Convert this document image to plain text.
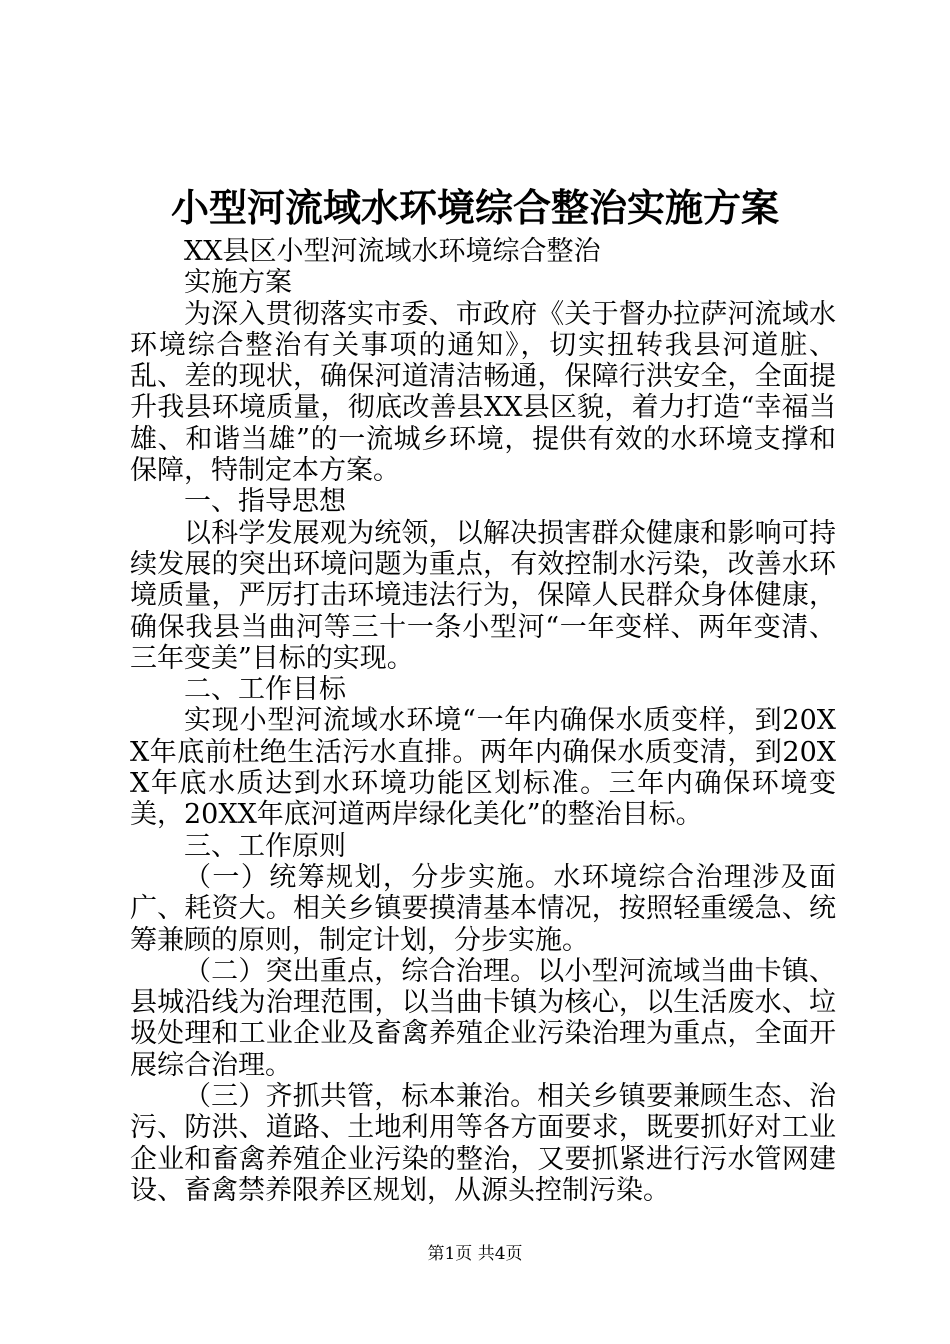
小型河流域水环境综合整治实施方案

XX县区小型河流域水环境综合整治

实施方案

为深入贯彻落实市委、市政府《关于督办拉萨河流域水环境综合整治有关事项的通知》，切实扭转我县河道脏、乱、差的现状，确保河道清洁畅通，保障行洪安全，全面提升我县环境质量，彻底改善县XX县区貌，着力打造“幸福当雄、和谐当雄”的一流城乡环境，提供有效的水环境支撑和保障，特制定本方案。

一、指导思想

以科学发展观为统领，以解决损害群众健康和影响可持续发展的突出环境问题为重点，有效控制水污染，改善水环境质量，严厉打击环境违法行为，保障人民群众身体健康，确保我县当曲河等三十一条小型河“一年变样、两年变清、三年变美”目标的实现。

二、工作目标

实现小型河流域水环境“一年内确保水质变样，到20XX年底前杜绝生活污水直排。两年内确保水质变清，到20XX年底水质达到水环境功能区划标准。三年内确保环境变美，20XX年底河道两岸绿化美化”的整治目标。

三、工作原则

（一）统筹规划，分步实施。水环境综合治理涉及面广、耗资大。相关乡镇要摸清基本情况，按照轻重缓急、统筹兼顾的原则，制定计划，分步实施。

（二）突出重点，综合治理。以小型河流域当曲卡镇、县城沿线为治理范围，以当曲卡镇为核心，以生活废水、垃圾处理和工业企业及畜禽养殖企业污染治理为重点，全面开展综合治理。

（三）齐抓共管，标本兼治。相关乡镇要兼顾生态、治污、防洪、道路、土地利用等各方面要求，既要抓好对工业企业和畜禽养殖企业污染的整治，又要抓紧进行污水管网建设、畜禽禁养限养区规划，从源头控制污染。

第1页 共4页
